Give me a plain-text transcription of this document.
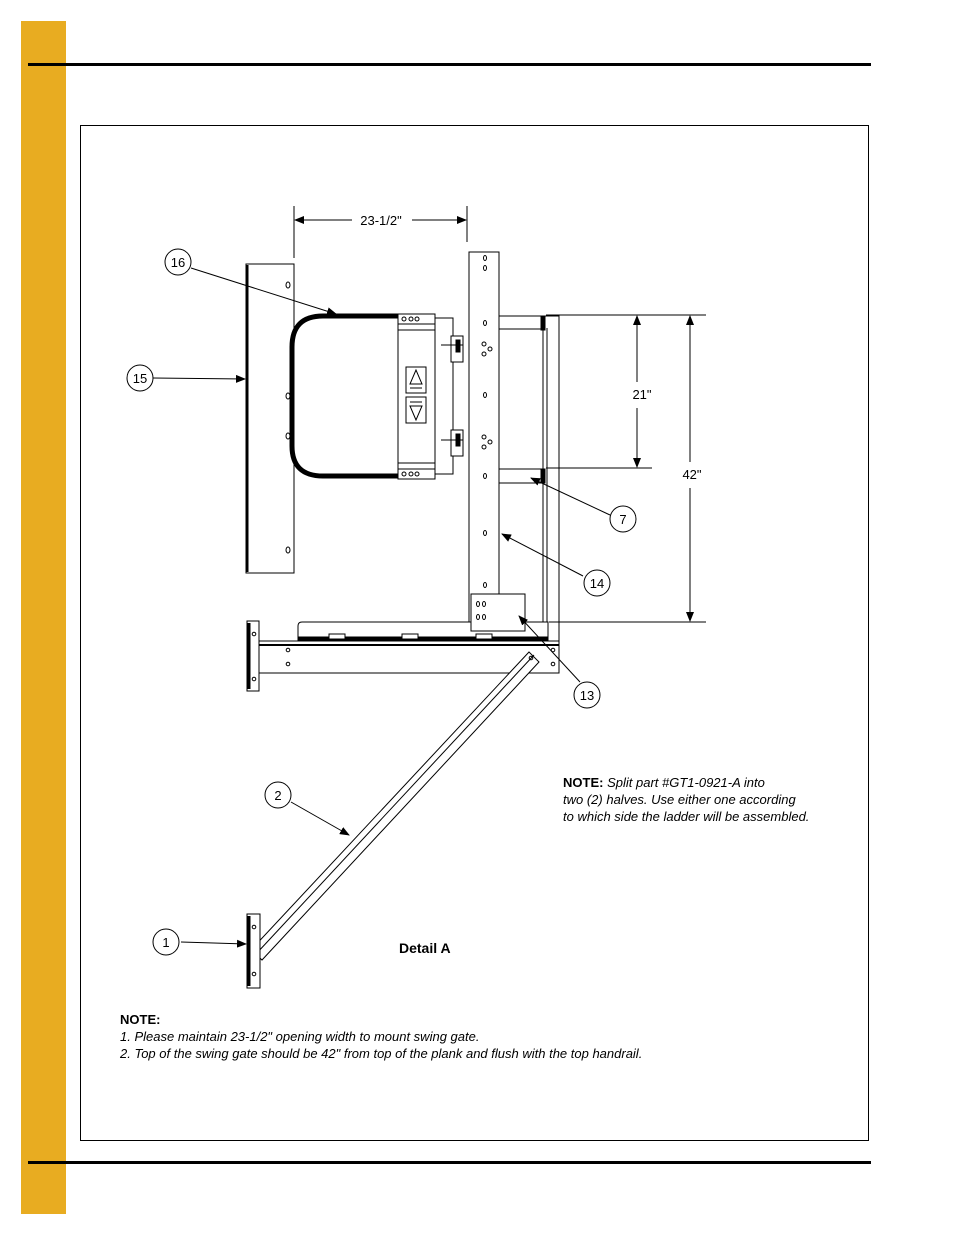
23-1/2"
21"
42"
16
15
7
14
13
2
1
NOTE: Split part #GT1-0921-A into
two (2) halves. Use either one according
to which side the ladder will be assembled.
Detail A
NOTE:
1. Please maintain 23-1/2" opening width to mount swing gate.
2. Top of the swing gate should be 42" from top of the plank and flush with the top handrail.
